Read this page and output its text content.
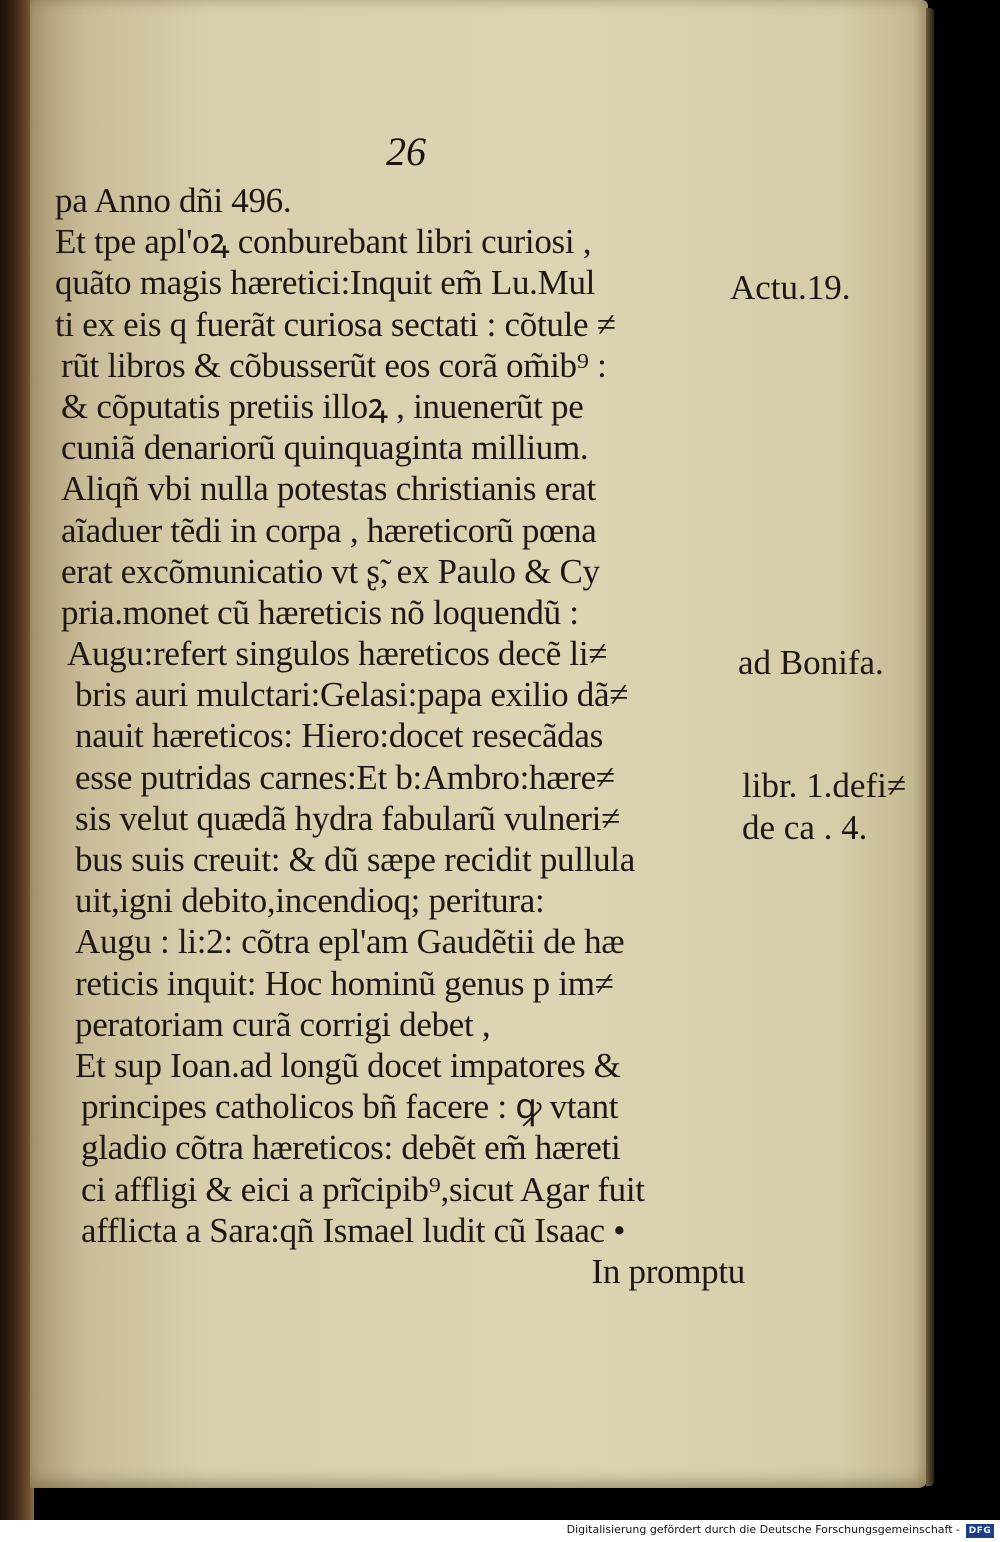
26
pa Anno dñi 496.
Et tpe apl'oꝝ conburebant libri curiosi ,
quãto magis hæretici:Inquit em̃ Lu.Mul
ti ex eis q fuerãt curiosa sectati : cõtule ≠
rũt libros & cõbusserũt eos corã om̃ib⁹ :
& cõputatis pretiis illoꝝ , inuenerũt pe
cuniã denariorũ quinquaginta millium.
Aliqñ vbi nulla potestas christianis erat
aĩaduer tẽdi in corpa , hæreticorũ pœna
erat excõmunicatio vt ʂ̃, ex Paulo & Cy
pria.monet cũ hæreticis nõ loquendũ :
Augu:refert singulos hæreticos decẽ li≠
bris auri mulctari:Gelasi:papa exilio dã≠
nauit hæreticos: Hiero:docet resecãdas
esse putridas carnes:Et b:Ambro:hære≠
sis velut quædã hydra fabularũ vulneri≠
bus suis creuit: & dũ sæpe recidit pullula
uit,igni debito,incendioq; peritura:
Augu : li:2: cõtra epl'am Gaudẽtii de hæ
reticis inquit: Hoc hominũ genus p im≠
peratoriam curã corrigi debet ,
Et sup Ioan.ad longũ docet impatores &
principes catholicos bñ facere : ꝙ vtant
gladio cõtra hæreticos: debẽt em̃ hæreti
ci affligi & eici a prĩcipib⁹,sicut Agar fuit
afflicta a Sara:qñ Ismael ludit cũ Isaac •
In promptu
Actu.19.
ad Bonifa.
libr. 1.defi≠
de ca . 4.
Digitalisierung gefördert durch die Deutsche Forschungsgemeinschaft - DFG
